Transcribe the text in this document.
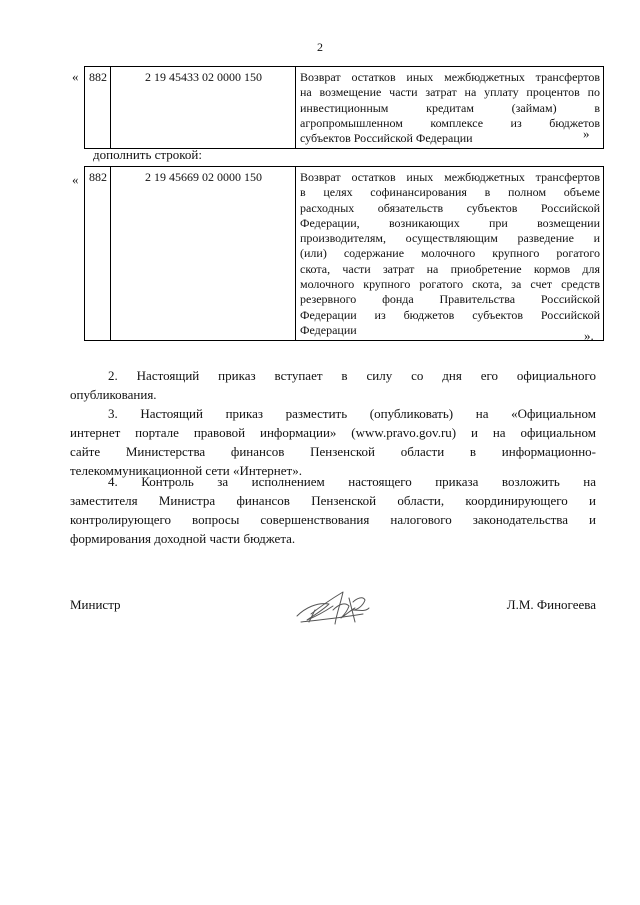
2
« 882	2 19 45433 02 0000 150	Возврат остатков иных межбюджетных трансфертов
на возмещение части затрат на уплату процентов по
инвестиционным кредитам (займам) в
агропромышленном комплексе из бюджетов
субъектов Российской Федерации	»
дополнить строкой:
« 882	2 19 45669 02 0000 150	Возврат остатков иных межбюджетных трансфертов
в целях софинансирования в полном объеме
расходных обязательств субъектов Российской
Федерации, возникающих при возмещении
производителям, осуществляющим разведение и
(или) содержание молочного крупного рогатого
скота, части затрат на приобретение кормов для
молочного крупного рогатого скота, за счет средств
резервного фонда Правительства Российской
Федерации из бюджетов субъектов Российской
Федерации	».
2. Настоящий приказ вступает в силу со дня его официального
опубликования.
3. Настоящий приказ разместить (опубликовать) на «Официальном
интернет портале правовой информации» (www.pravo.gov.ru) и на официальном
сайте Министерства финансов Пензенской области в информационно-
телекоммуникационной сети «Интернет».
4. Контроль за исполнением настоящего приказа возложить на
заместителя Министра финансов Пензенской области, координирующего и
контролирующего вопросы совершенствования налогового законодательства и
формирования доходной части бюджета.
Министр	Л.М. Финогеева
